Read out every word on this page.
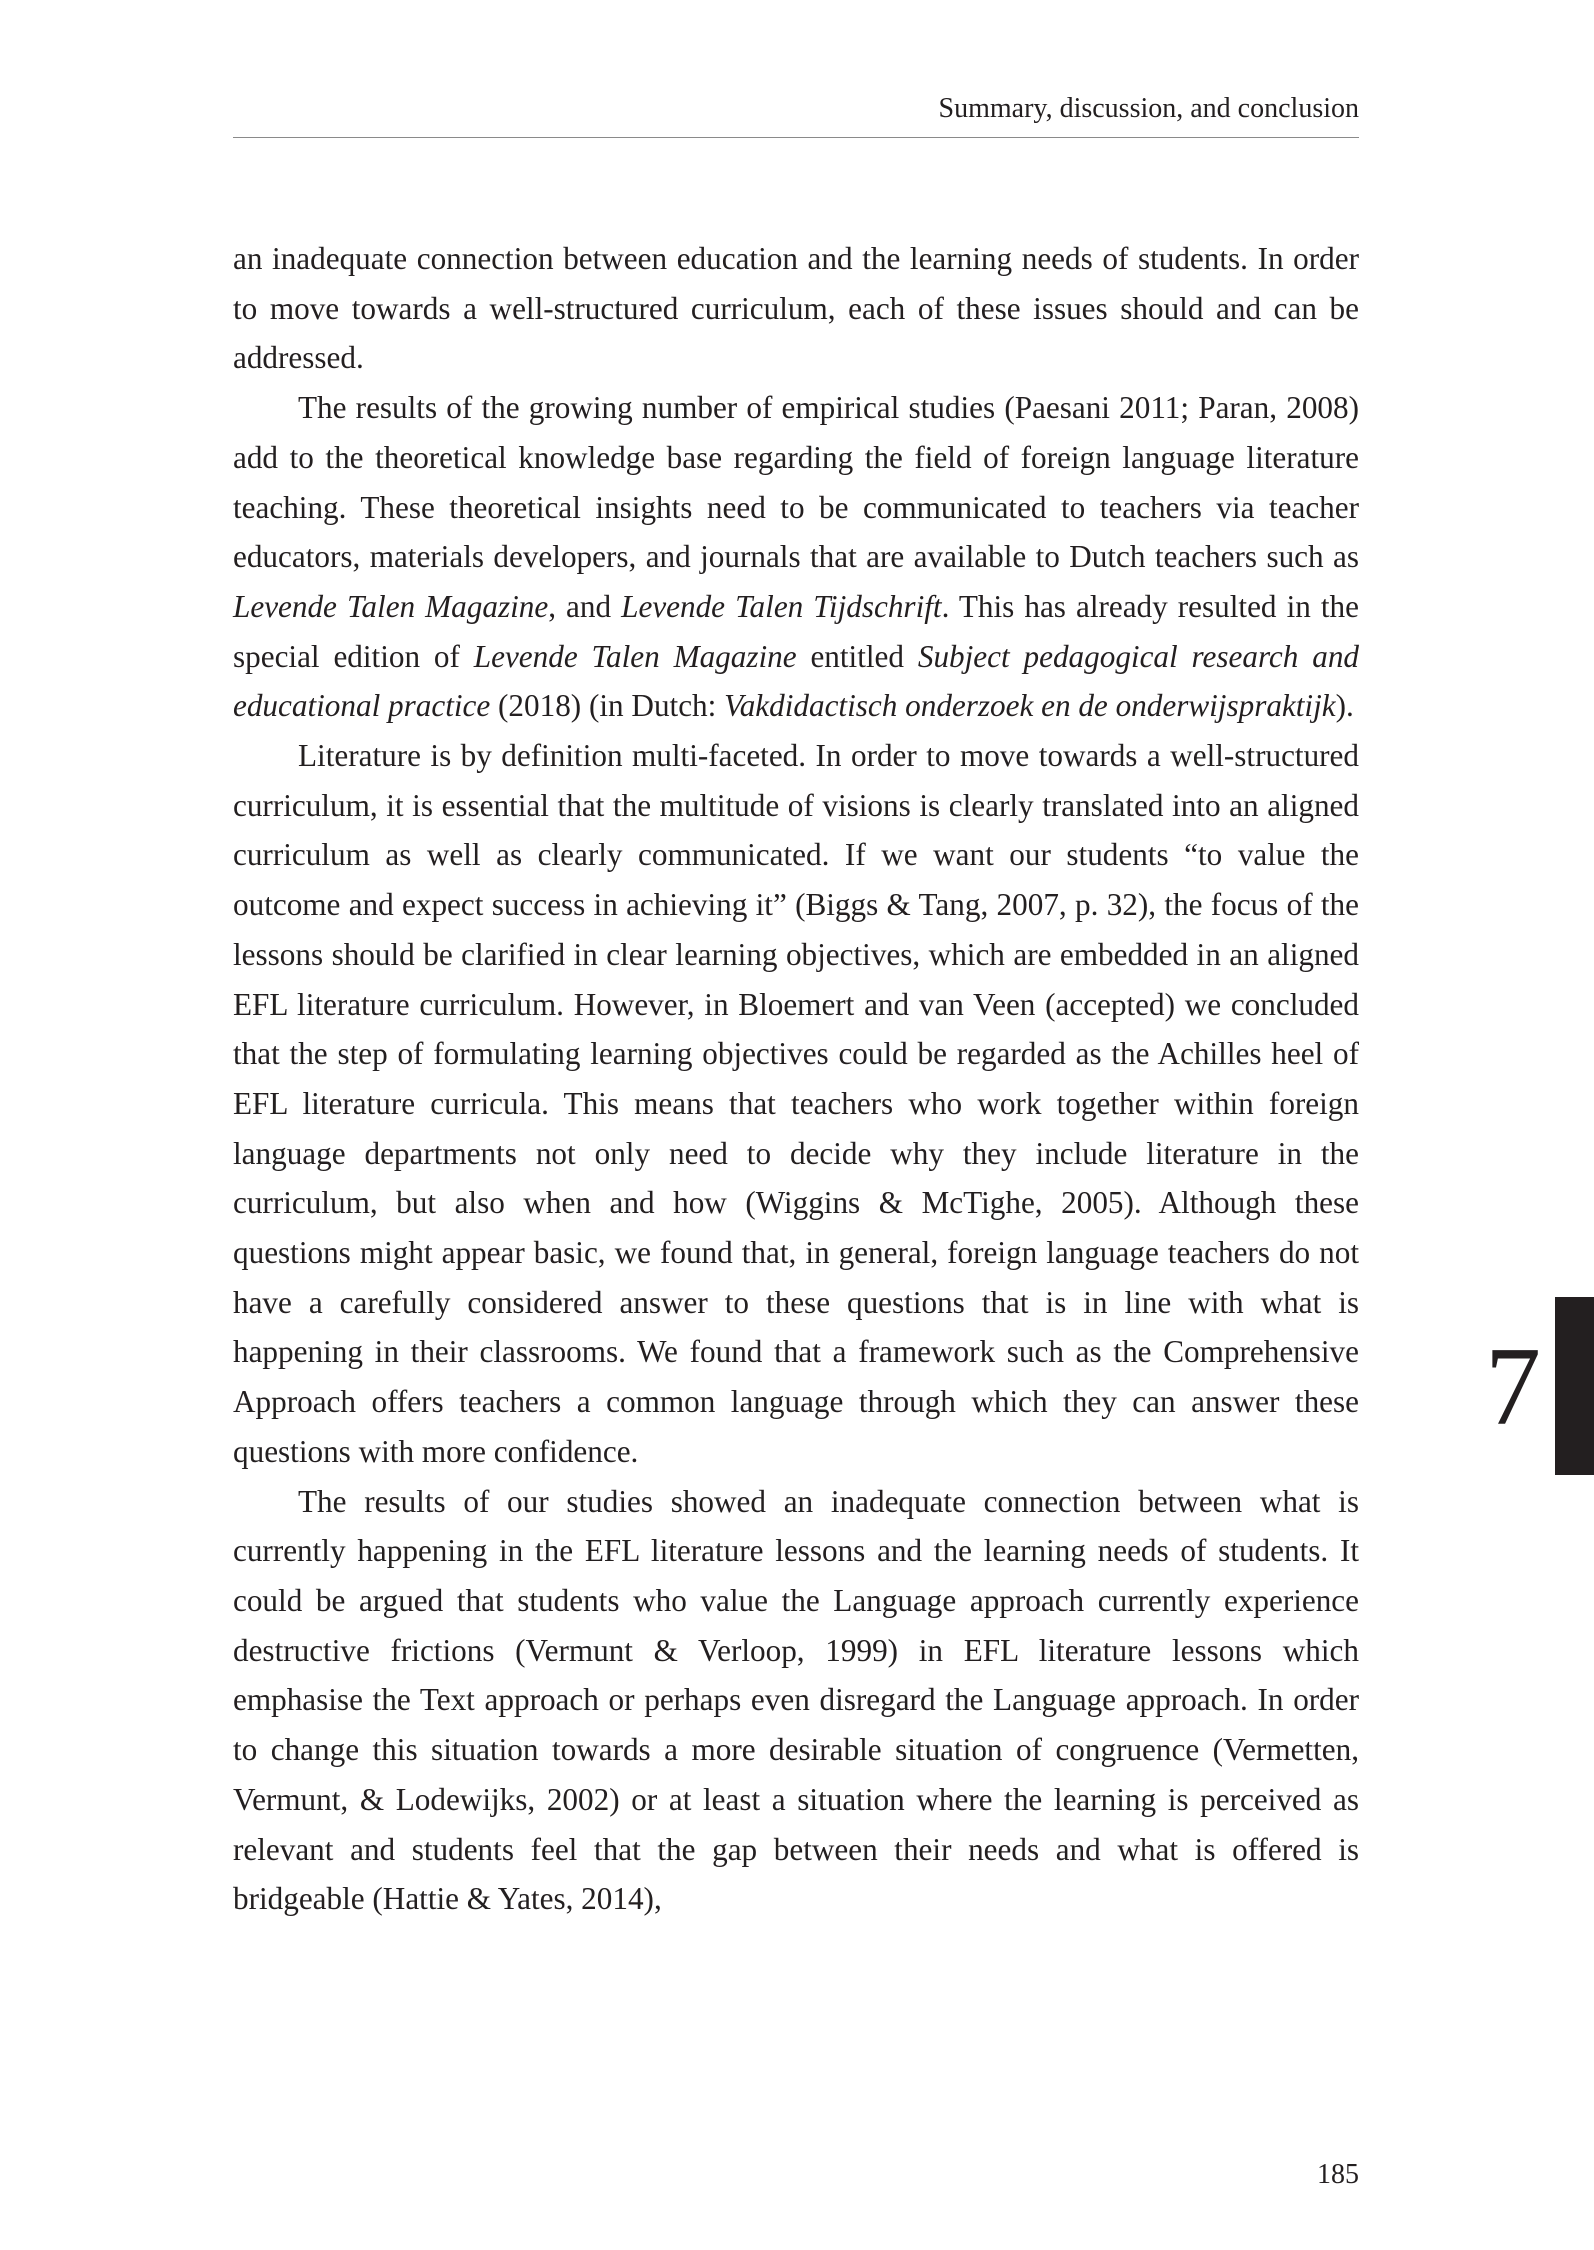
Summary, discussion, and conclusion

an inadequate connection between education and the learning needs of students. In order to move towards a well-structured curriculum, each of these issues should and can be addressed.

The results of the growing number of empirical studies (Paesani 2011; Paran, 2008) add to the theoretical knowledge base regarding the field of foreign language literature teaching. These theoretical insights need to be communicated to teachers via teacher educators, materials developers, and journals that are available to Dutch teachers such as Levende Talen Magazine, and Levende Talen Tijdschrift. This has already resulted in the special edition of Levende Talen Magazine entitled Subject pedagogical research and educational practice (2018) (in Dutch: Vakdidactisch onderzoek en de onderwijspraktijk).

Literature is by definition multi-faceted. In order to move towards a well-structured curriculum, it is essential that the multitude of visions is clearly translated into an aligned curriculum as well as clearly communicated. If we want our students “to value the outcome and expect success in achieving it” (Biggs & Tang, 2007, p. 32), the focus of the lessons should be clarified in clear learning objectives, which are embedded in an aligned EFL literature curriculum. However, in Bloemert and van Veen (accepted) we concluded that the step of formulating learning objectives could be regarded as the Achilles heel of EFL literature curricula. This means that teachers who work together within foreign language departments not only need to decide why they include literature in the curriculum, but also when and how (Wiggins & McTighe, 2005). Although these questions might appear basic, we found that, in general, foreign language teachers do not have a carefully considered answer to these questions that is in line with what is happening in their classrooms. We found that a framework such as the Comprehensive Approach offers teachers a common language through which they can answer these questions with more confidence.

The results of our studies showed an inadequate connection between what is currently happening in the EFL literature lessons and the learning needs of students. It could be argued that students who value the Language approach currently experience destructive frictions (Vermunt & Verloop, 1999) in EFL literature lessons which emphasise the Text approach or perhaps even disregard the Language approach. In order to change this situation towards a more desirable situation of congruence (Vermetten, Vermunt, & Lodewijks, 2002) or at least a situation where the learning is perceived as relevant and students feel that the gap between their needs and what is offered is bridgeable (Hattie & Yates, 2014),

7
185
